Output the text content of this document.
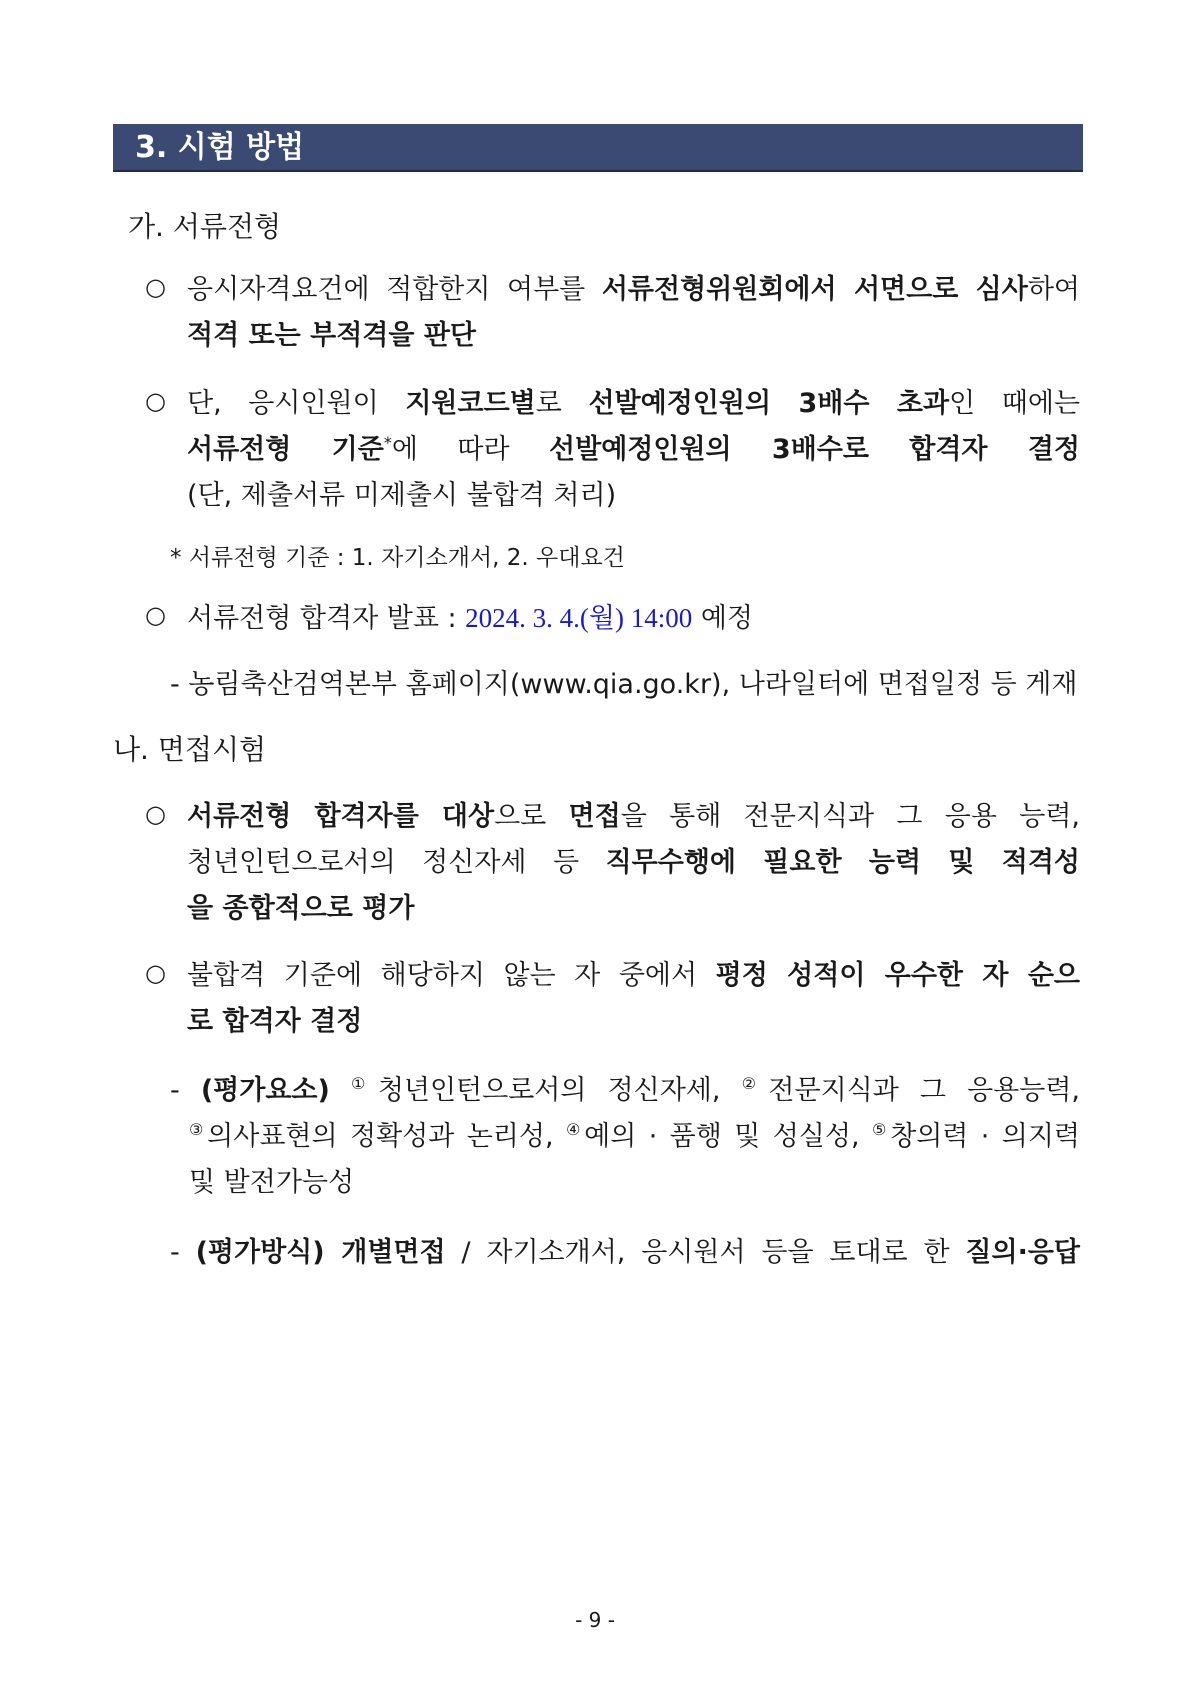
3. 시험 방법
가. 서류전형
○ 응시자격요건에 적합한지 여부를 서류전형위원회에서 서면으로 심사하여
적격 또는 부적격을 판단
○ 단, 응시인원이 지원코드별로 선발예정인원의 3배수 초과인 때에는
서류전형 기준*에 따라 선발예정인원의 3배수로 합격자 결정
(단, 제출서류 미제출시 불합격 처리)
* 서류전형 기준 : 1. 자기소개서, 2. 우대요건
○ 서류전형 합격자 발표 : 2024. 3. 4.(월) 14:00 예정
- 농림축산검역본부 홈페이지(www.qia.go.kr), 나라일터에 면접일정 등 게재
나. 면접시험
○ 서류전형 합격자를 대상으로 면접을 통해 전문지식과 그 응용 능력,
청년인턴으로서의 정신자세 등 직무수행에 필요한 능력 및 적격성
을 종합적으로 평가
○ 불합격 기준에 해당하지 않는 자 중에서 평정 성적이 우수한 자 순으
로 합격자 결정
- (평가요소) ①청년인턴으로서의 정신자세, ②전문지식과 그 응용능력,
③의사표현의 정확성과 논리성, ④예의 · 품행 및 성실성, ⑤창의력 · 의지력
및 발전가능성
- (평가방식) 개별면접 / 자기소개서, 응시원서 등을 토대로 한 질의·응답
- 9 -
